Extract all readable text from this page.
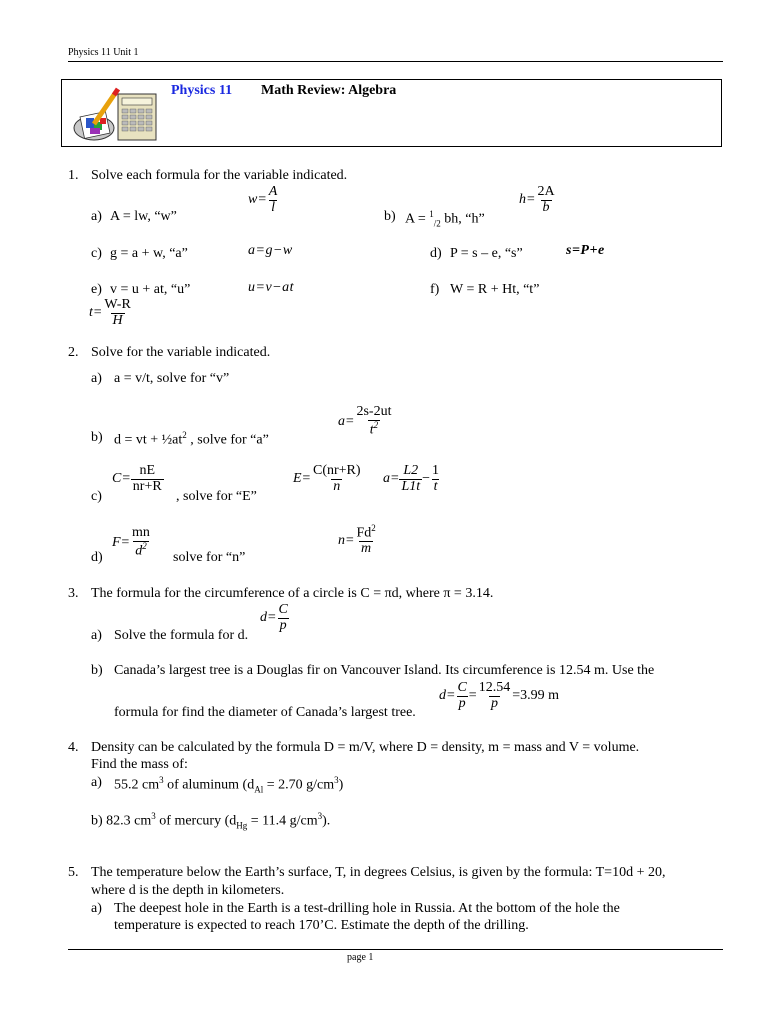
Physics 11 Unit 1
Physics 11 Math Review: Algebra
1. Solve each formula for the variable indicated.
a) A = lw, “w”
$w= \frac{A}{l}$
b) A = $^1_{/2}$ bh, “h”
$h= \frac{2A}{b}$
c) g = a + w, “a”	a=g−w	d) P = s – e, “s”	s=P+e
e) v = u + at, “u”	u=v−at	f) W = R + Ht, “t”
$t= \frac{W-R}{H}$
2. Solve for the variable indicated.
a) a = v/t, solve for “v”
b) d = vt + $\frac{1}{2}at^2$ , solve for “a”
$a= \frac{2s-2ut}{t^2}$
c)
$C= \frac{nE}{nr+R}$
, solve for “E”
$E= \frac{C(nr+R)}{n} a= \frac{L2}{L1t} - \frac{1}{t}$
d)
$F= \frac{mn}{d^2}$ solve for “n”
$n= \frac{Fd^2}{m}$
3. The formula for the circumference of a circle is C = πd, where π = 3.14.
a) Solve the formula for d.
$d= \frac{C}{p}$
b) Canada’s largest tree is a Douglas fir on Vancouver Island. Its circumference is 12.54 m. Use the
formula for find the diameter of Canada’s largest tree.
$d= \frac{C}{p} = \frac{12.54}{p} =3.99$ m
4. Density can be calculated by the formula D = m/V, where D = density, m = mass and V = volume.
Find the mass of:
a) 55.2 $cm^3$ of aluminum ($d_{Al} = 2.70$ $g/cm^3$)
b) 82.3 $cm^3$ of mercury ($d_{Hg} = 11.4$ $g/cm^3$).
5. The temperature below the Earth’s surface, T, in degrees Celsius, is given by the formula: T=10d + 20,
where d is the depth in kilometers.
a) The deepest hole in the Earth is a test-drilling hole in Russia. At the bottom of the hole the
temperature is expected to reach 170’C. Estimate the depth of the drilling.
page 1
